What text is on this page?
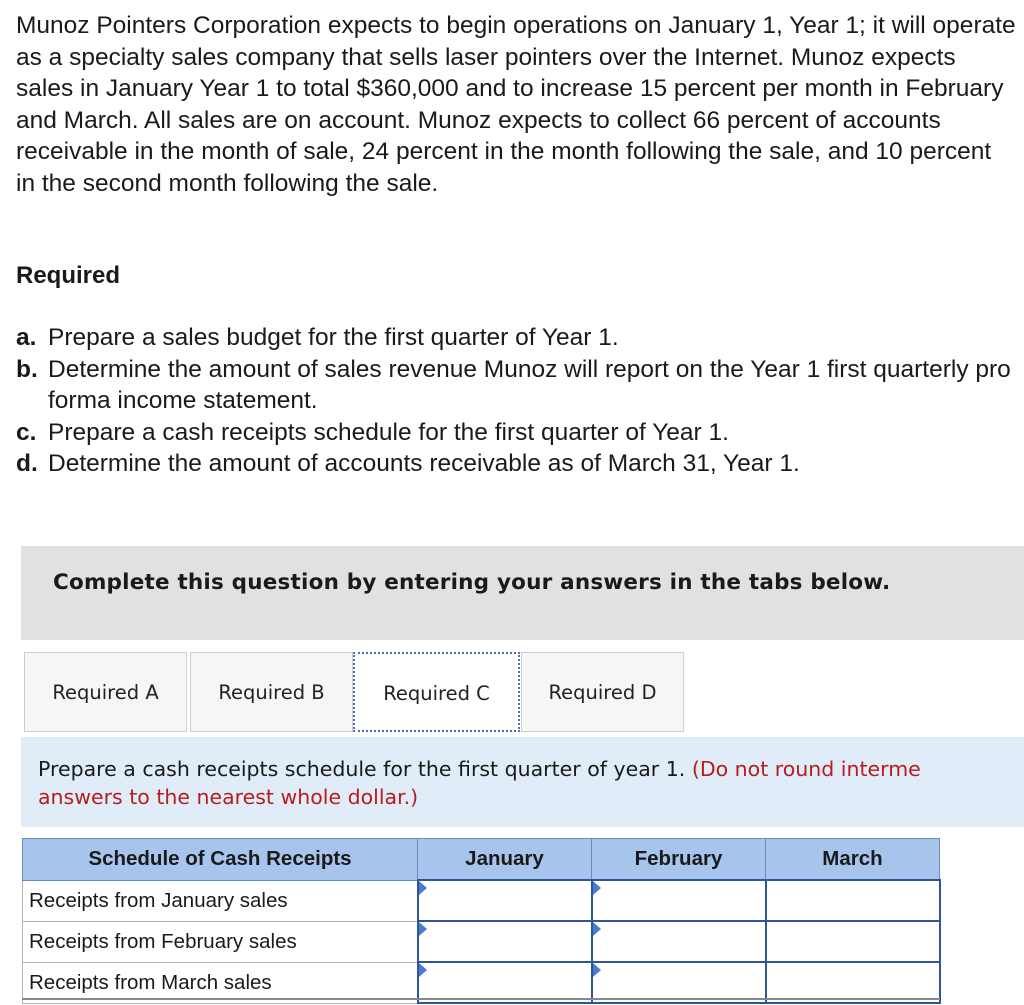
Munoz Pointers Corporation expects to begin operations on January 1, Year 1; it will operate as a specialty sales company that sells laser pointers over the Internet. Munoz expects sales in January Year 1 to total $360,000 and to increase 15 percent per month in February and March. All sales are on account. Munoz expects to collect 66 percent of accounts receivable in the month of sale, 24 percent in the month following the sale, and 10 percent in the second month following the sale.

Required

a. Prepare a sales budget for the first quarter of Year 1.
b. Determine the amount of sales revenue Munoz will report on the Year 1 first quarterly pro forma income statement.
c. Prepare a cash receipts schedule for the first quarter of Year 1.
d. Determine the amount of accounts receivable as of March 31, Year 1.

Complete this question by entering your answers in the tabs below.

Required A	Required B	Required C	Required D

Prepare a cash receipts schedule for the first quarter of year 1. (Do not round interme
answers to the nearest whole dollar.)

Schedule of Cash Receipts	January	February	March
Receipts from January sales	

Receipts from February sales	

Receipts from March sales	
